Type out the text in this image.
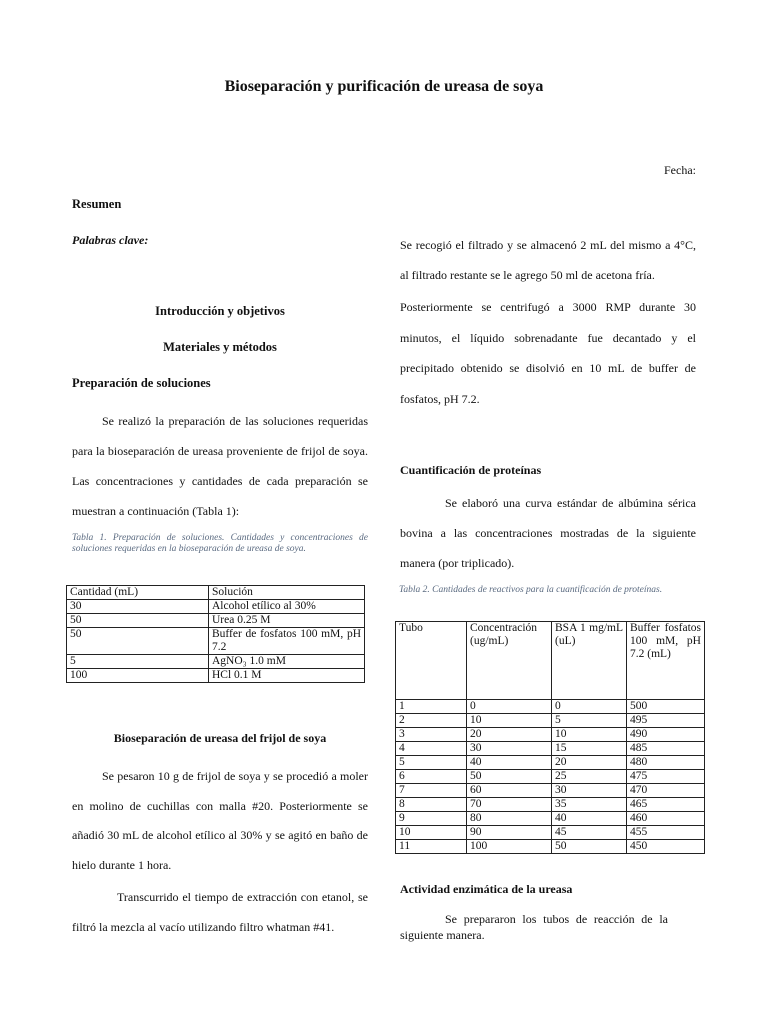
Bioseparación y purificación de ureasa de soya
Fecha:
Resumen
Palabras clave:
Introducción y objetivos
Materiales y métodos
Preparación de soluciones
Se realizó la preparación de las soluciones requeridas para la bioseparación de ureasa proveniente de frijol de soya. Las concentraciones y cantidades de cada preparación se muestran a continuación (Tabla 1):
Tabla 1. Preparación de soluciones. Cantidades y concentraciones de soluciones requeridas en la bioseparación de ureasa de soya.
Cantidad (mL)	Solución
30	Alcohol etílico al 30%
50	Urea 0.25 M
50	Buffer de fosfatos 100 mM, pH 7.2
5	AgNO₃ 1.0 mM
100	HCl 0.1 M
Bioseparación de ureasa del frijol de soya
Se pesaron 10 g de frijol de soya y se procedió a moler en molino de cuchillas con malla #20. Posteriormente se añadió 30 mL de alcohol etílico al 30% y se agitó en baño de hielo durante 1 hora.
Transcurrido el tiempo de extracción con etanol, se filtró la mezcla al vacío utilizando filtro whatman #41.
Se recogió el filtrado y se almacenó 2 mL del mismo a 4°C, al filtrado restante se le agrego 50 ml de acetona fría.
Posteriormente se centrifugó a 3000 RMP durante 30 minutos, el líquido sobrenadante fue decantado y el precipitado obtenido se disolvió en 10 mL de buffer de fosfatos, pH 7.2.
Cuantificación de proteínas
Se elaboró una curva estándar de albúmina sérica bovina a las concentraciones mostradas de la siguiente manera (por triplicado).
Tabla 2. Cantidades de reactivos para la cuantificación de proteínas.
Tubo	Concentración (ug/mL)	BSA 1 mg/mL (uL)	Buffer fosfatos 100 mM, pH 7.2 (mL)
1	0	0	500
2	10	5	495
3	20	10	490
4	30	15	485
5	40	20	480
6	50	25	475
7	60	30	470
8	70	35	465
9	80	40	460
10	90	45	455
11	100	50	450
Actividad enzimática de la ureasa
Se prepararon los tubos de reacción de la siguiente manera.
